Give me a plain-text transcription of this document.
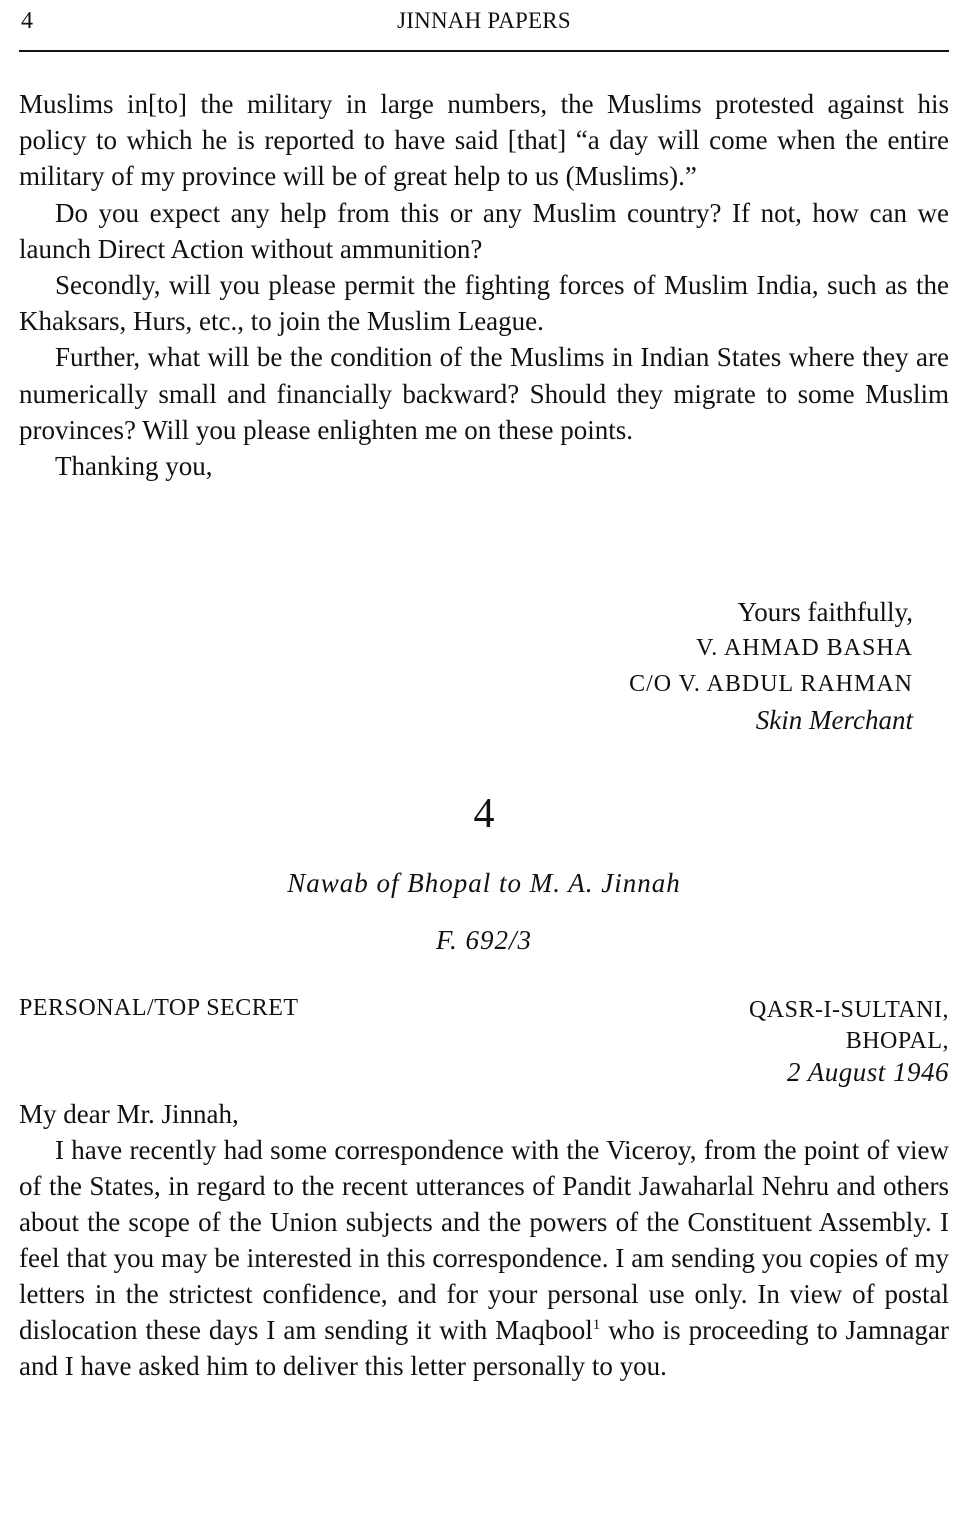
4	JINNAH PAPERS

Muslims in[to] the military in large numbers, the Muslims protested against his policy to which he is reported to have said [that] “a day will come when the entire military of my province will be of great help to us (Muslims).”

Do you expect any help from this or any Muslim country? If not, how can we launch Direct Action without ammunition?

Secondly, will you please permit the fighting forces of Muslim India, such as the Khaksars, Hurs, etc., to join the Muslim League.

Further, what will be the condition of the Muslims in Indian States where they are numerically small and financially backward? Should they migrate to some Muslim provinces? Will you please enlighten me on these points.

Thanking you,

Yours faithfully,
V. AHMAD BASHA
C/O V. ABDUL RAHMAN
Skin Merchant
4
Nawab of Bhopal to M. A. Jinnah
F. 692/3
PERSONAL/TOP SECRET	QASR-I-SULTANI,
BHOPAL,
2 August 1946

My dear Mr. Jinnah,

I have recently had some correspondence with the Viceroy, from the point of view of the States, in regard to the recent utterances of Pandit Jawaharlal Nehru and others about the scope of the Union subjects and the powers of the Constituent Assembly. I feel that you may be interested in this correspondence. I am sending you copies of my letters in the strictest confidence, and for your personal use only. In view of postal dislocation these days I am sending it with Maqbool$^1$ who is proceeding to Jamnagar and I have asked him to deliver this letter personally to you.
